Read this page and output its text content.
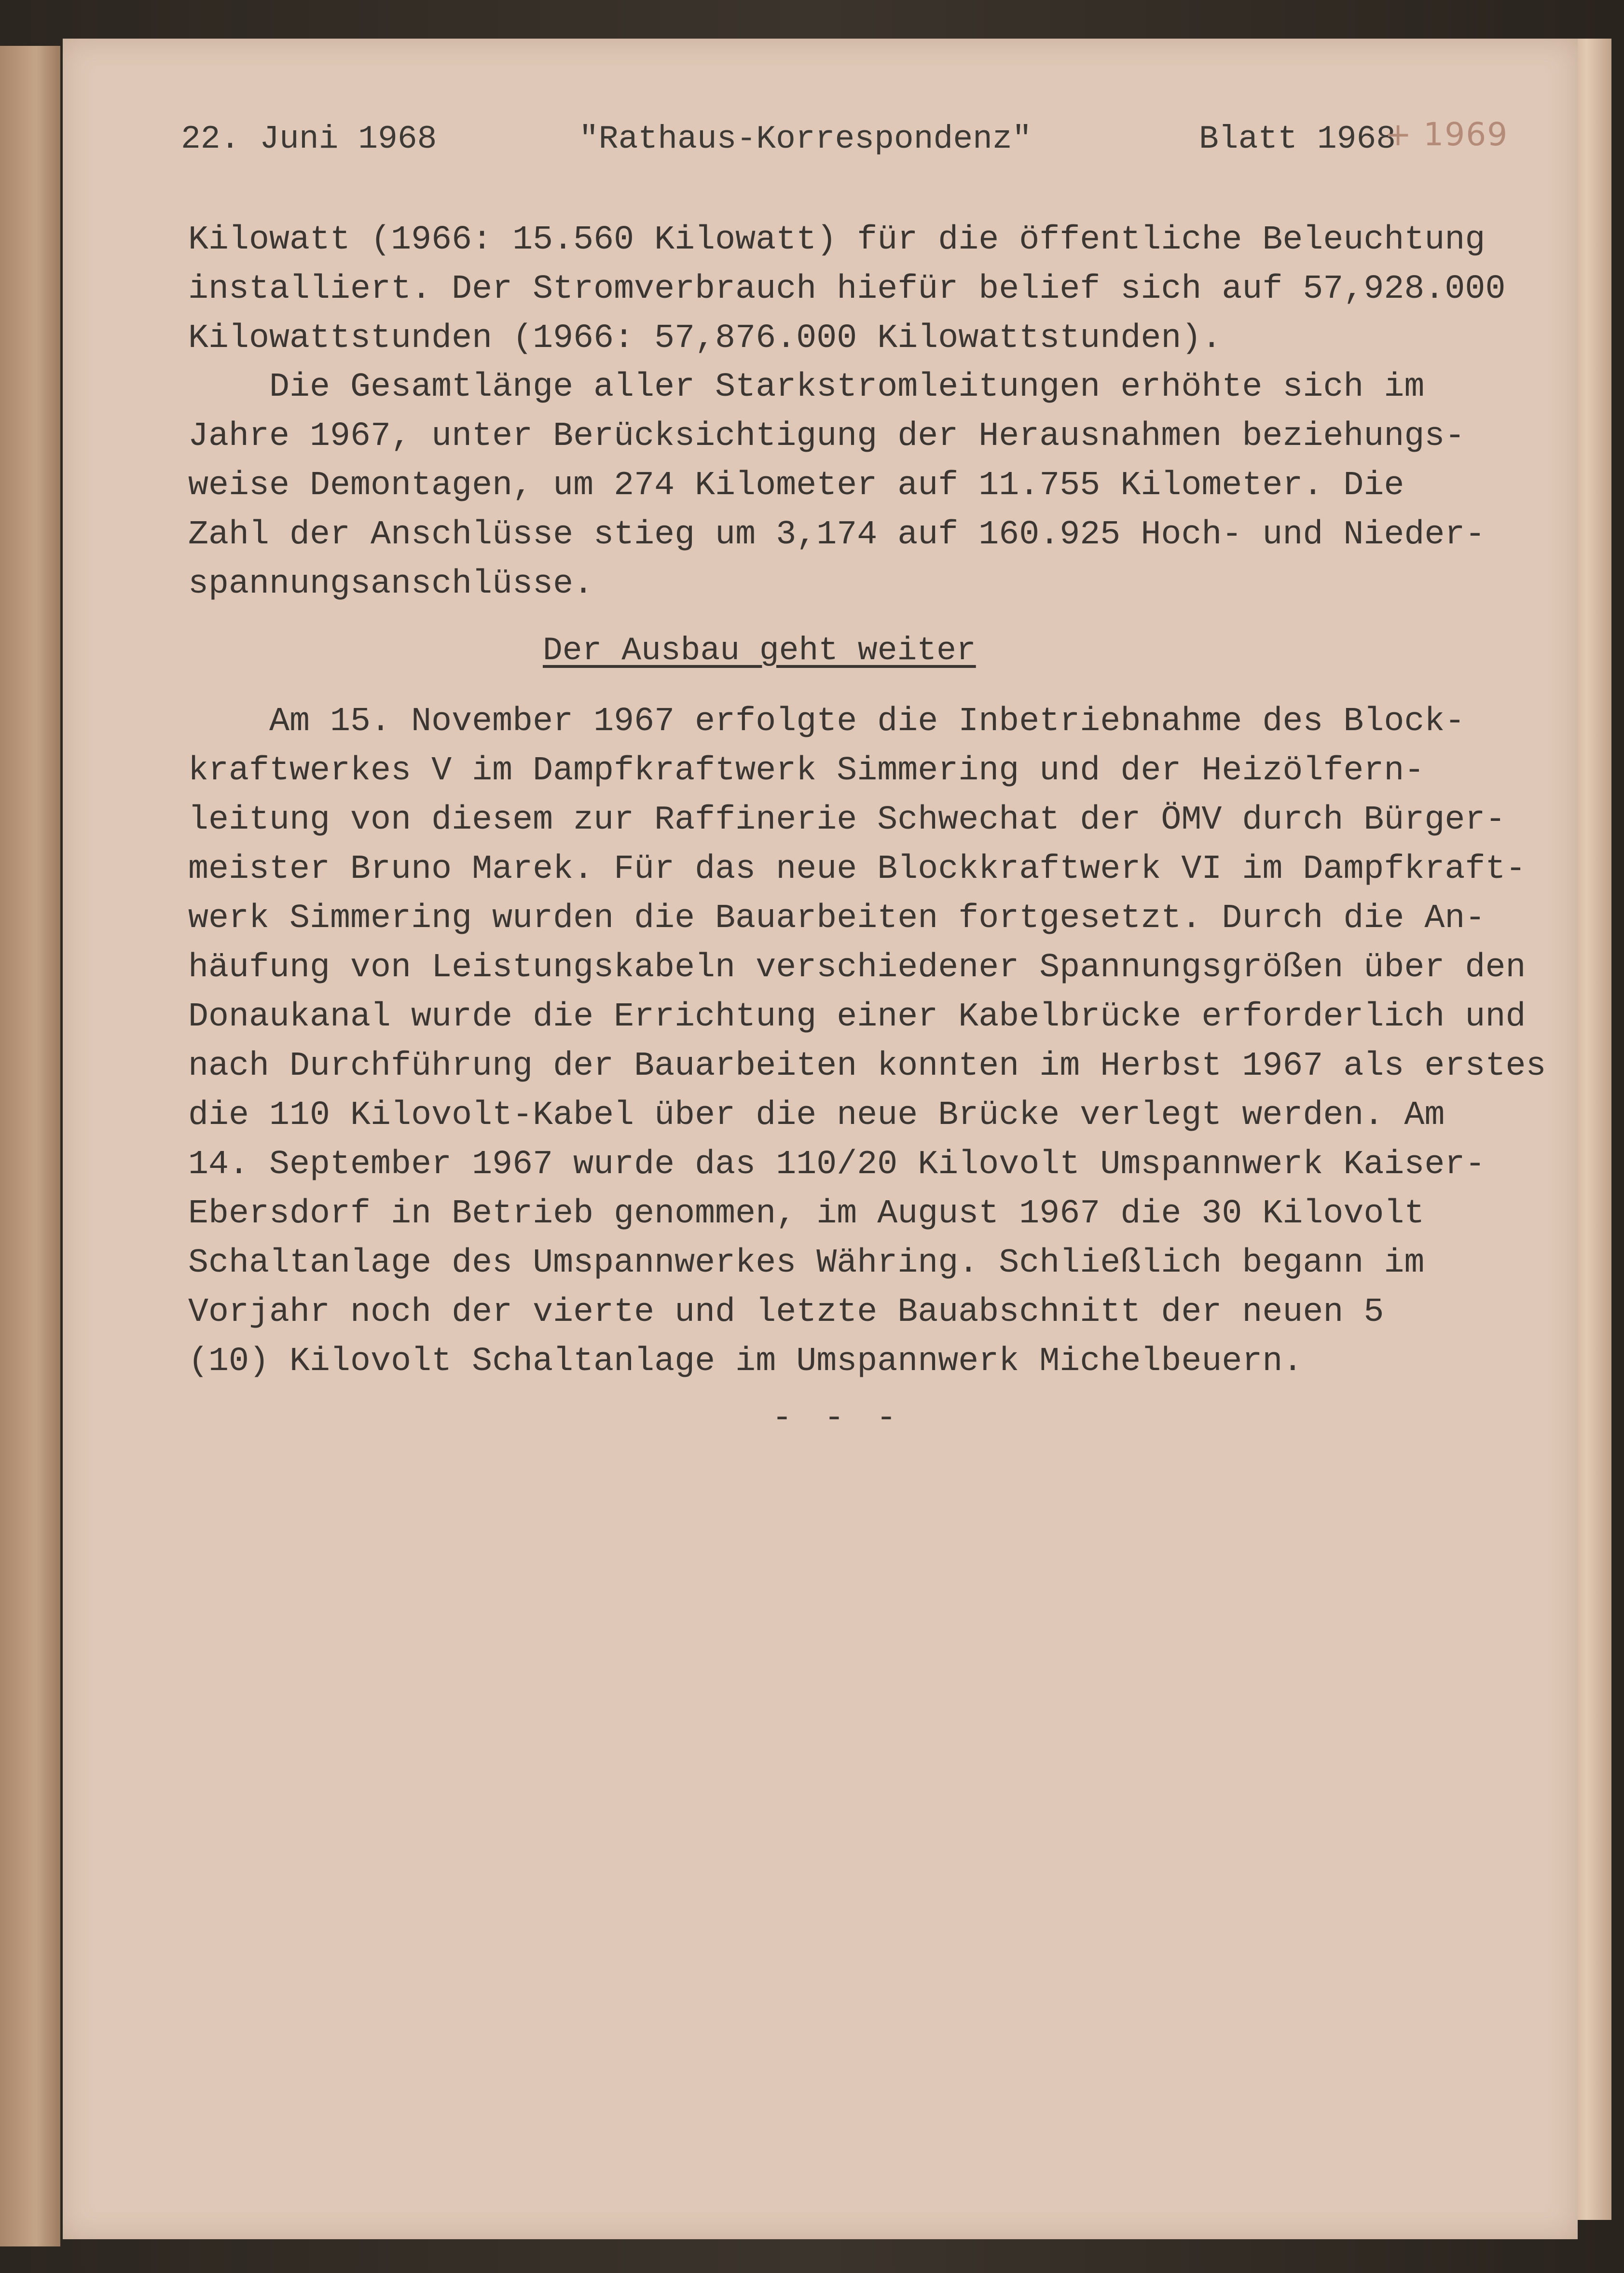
22. Juni 1968	"Rathaus-Korrespondenz"	Blatt 1968
+ 1969
Kilowatt (1966: 15.560 Kilowatt) für die öffentliche Beleuchtung
installiert. Der Stromverbrauch hiefür belief sich auf 57,928.000
Kilowattstunden (1966: 57,876.000 Kilowattstunden).
Die Gesamtlänge aller Starkstromleitungen erhöhte sich im
Jahre 1967, unter Berücksichtigung der Herausnahmen beziehungs-
weise Demontagen, um 274 Kilometer auf 11.755 Kilometer. Die
Zahl der Anschlüsse stieg um 3,174 auf 160.925 Hoch- und Nieder-
spannungsanschlüsse.
Der Ausbau geht weiter
Am 15. November 1967 erfolgte die Inbetriebnahme des Block-
kraftwerkes V im Dampfkraftwerk Simmering und der Heizölfern-
leitung von diesem zur Raffinerie Schwechat der ÖMV durch Bürger-
meister Bruno Marek. Für das neue Blockkraftwerk VI im Dampfkraft-
werk Simmering wurden die Bauarbeiten fortgesetzt. Durch die An-
häufung von Leistungskabeln verschiedener Spannungsgrößen über den
Donaukanal wurde die Errichtung einer Kabelbrücke erforderlich und
nach Durchführung der Bauarbeiten konnten im Herbst 1967 als erstes
die 110 Kilovolt-Kabel über die neue Brücke verlegt werden. Am
14. September 1967 wurde das 110/20 Kilovolt Umspannwerk Kaiser-
Ebersdorf in Betrieb genommen, im August 1967 die 30 Kilovolt
Schaltanlage des Umspannwerkes Währing. Schließlich begann im
Vorjahr noch der vierte und letzte Bauabschnitt der neuen 5
(10) Kilovolt Schaltanlage im Umspannwerk Michelbeuern.
- - -
